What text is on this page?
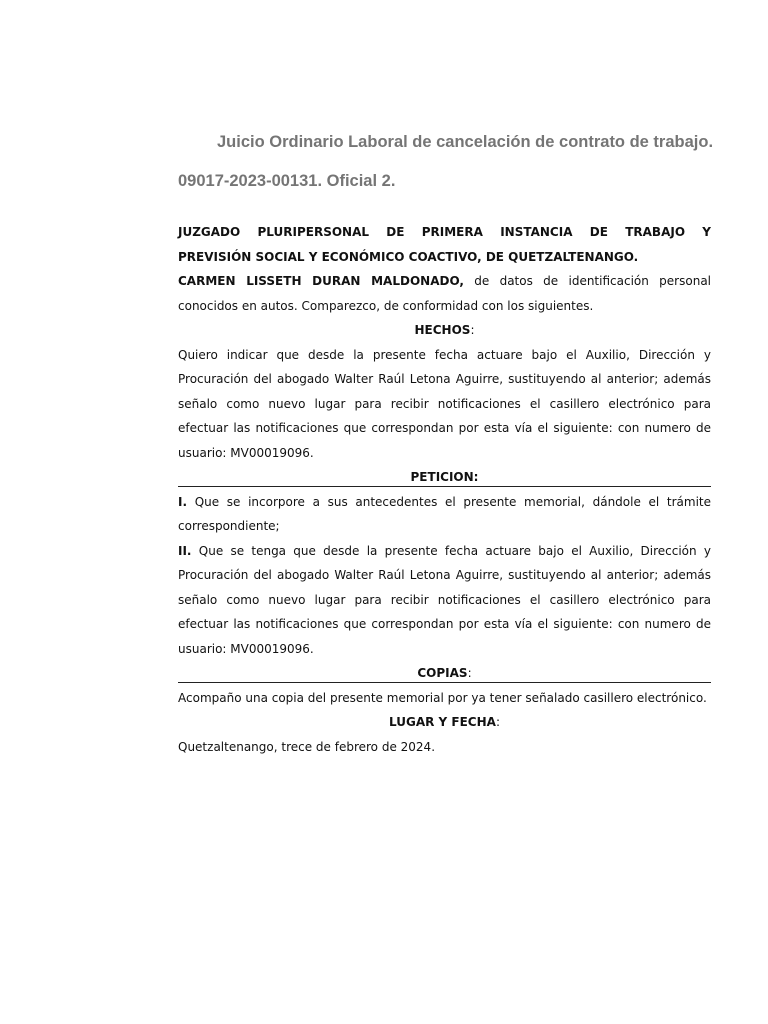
Juicio Ordinario Laboral de cancelación de contrato de trabajo.

09017-2023-00131. Oficial 2.

JUZGADO PLURIPERSONAL DE PRIMERA INSTANCIA DE TRABAJO Y
PREVISIÓN SOCIAL Y ECONÓMICO COACTIVO, DE QUETZALTENANGO.

CARMEN LISSETH DURAN MALDONADO, de datos de identificación personal conocidos en autos. Comparezco, de conformidad con los siguientes.

HECHOS:

Quiero indicar que desde la presente fecha actuare bajo el Auxilio, Dirección y Procuración del abogado Walter Raúl Letona Aguirre, sustituyendo al anterior; además señalo como nuevo lugar para recibir notificaciones el casillero electrónico para efectuar las notificaciones que correspondan por esta vía el siguiente: con numero de usuario: MV00019096.

PETICION:

I. Que se incorpore a sus antecedentes el presente memorial, dándole el trámite correspondiente;

II. Que se tenga que desde la presente fecha actuare bajo el Auxilio, Dirección y Procuración del abogado Walter Raúl Letona Aguirre, sustituyendo al anterior; además señalo como nuevo lugar para recibir notificaciones el casillero electrónico para efectuar las notificaciones que correspondan por esta vía el siguiente: con numero de usuario: MV00019096.

COPIAS:

Acompaño una copia del presente memorial por ya tener señalado casillero electrónico.

LUGAR Y FECHA:

Quetzaltenango, trece de febrero de 2024.
